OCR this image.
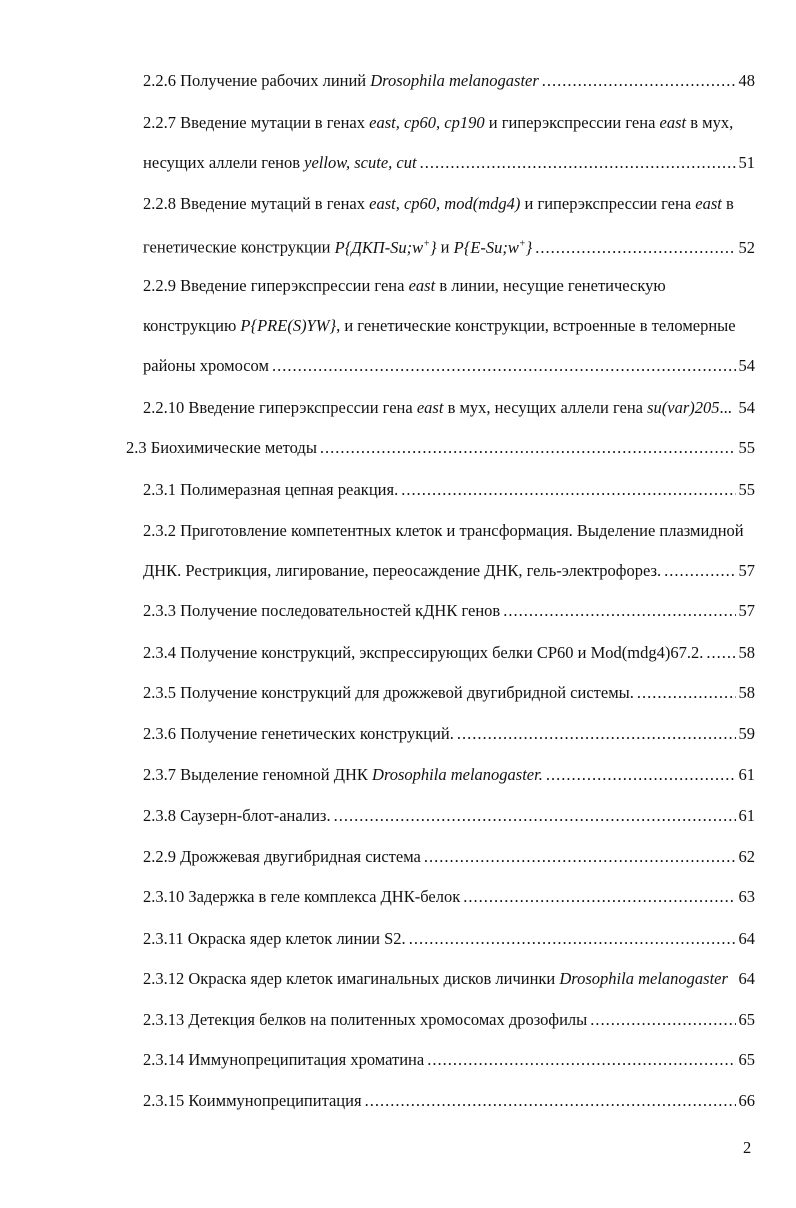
2.2.6 Получение рабочих линий Drosophila melanogaster .....	48
2.2.7 Введение мутации в генах east, cp60, cp190 и гиперэкспрессии гена east в мух,
несущих аллели генов yellow, scute, cut .....	51
2.2.8 Введение мутаций в генах east, cp60, mod(mdg4) и гиперэкспрессии гена east в
генетические конструкции P{ДКП-Su;w+} и P{E-Su;w+} .....	52
2.2.9 Введение гиперэкспрессии гена east в линии, несущие генетическую
конструкцию P{PRE(S)YW}, и генетические конструкции, встроенные в теломерные
районы хромосом .....	54
2.2.10 Введение гиперэкспрессии гена east в мух, несущих аллели гена su(var)205... 54
2.3 Биохимические методы .....	55
2.3.1 Полимеразная цепная реакция. .....	55
2.3.2 Приготовление компетентных клеток и трансформация. Выделение плазмидной
ДНК. Рестрикция, лигирование, переосаждение ДНК, гель-электрофорез. .....	57
2.3.3 Получение последовательностей кДНК генов .....	57
2.3.4 Получение конструкций, экспрессирующих белки CP60 и Mod(mdg4)67.2. ..... 58
2.3.5 Получение конструкций для дрожжевой двугибридной системы. .....	58
2.3.6 Получение генетических конструкций. .....	59
2.3.7 Выделение геномной ДНК Drosophila melanogaster. .....	61
2.3.8 Саузерн-блот-анализ. .....	61
2.2.9 Дрожжевая двугибридная система .....	62
2.3.10 Задержка в геле комплекса ДНК-белок .....	63
2.3.11 Окраска ядер клеток линии S2. .....	64
2.3.12 Окраска ядер клеток имагинальных дисков личинки Drosophila melanogaster 64
2.3.13 Детекция белков на политенных хромосомах дрозофилы .....	65
2.3.14 Иммунопреципитация хроматина .....	65
2.3.15 Коиммунопреципитация .....	66
2
